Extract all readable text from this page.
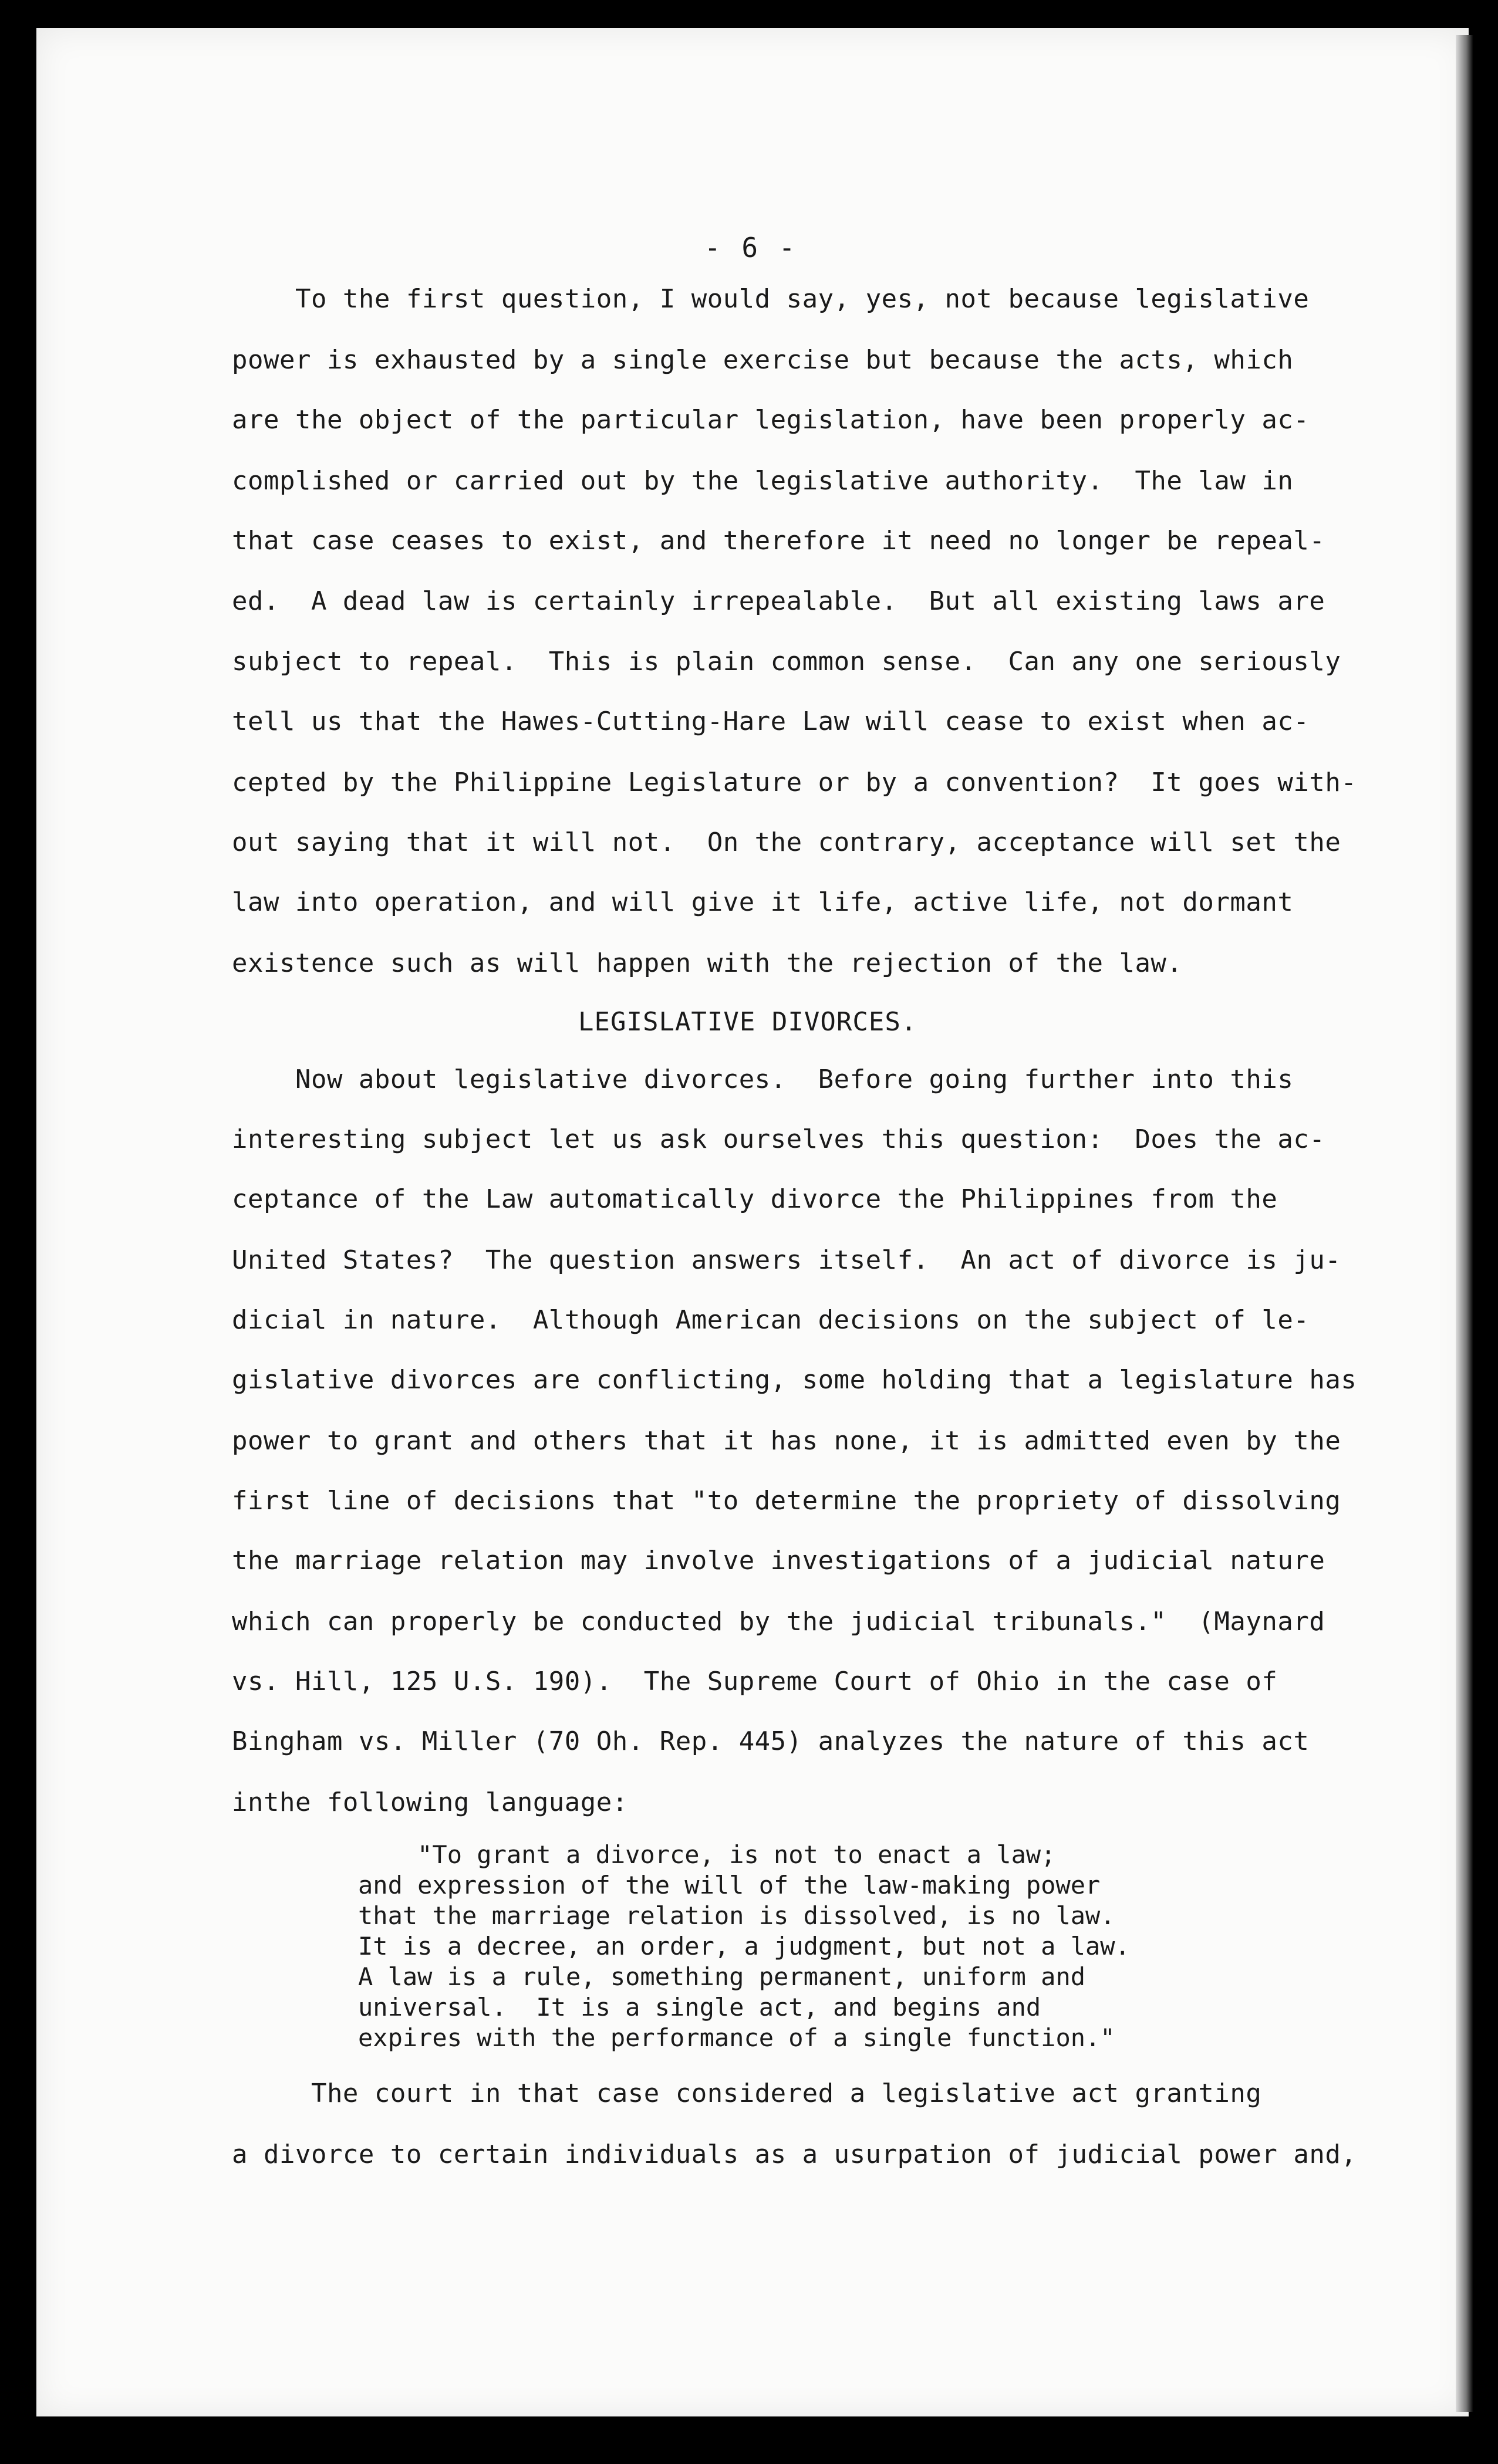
- 6 -
To the first question, I would say, yes, not because legislative
power is exhausted by a single exercise but because the acts, which
are the object of the particular legislation, have been properly ac-
complished or carried out by the legislative authority.  The law in
that case ceases to exist, and therefore it need no longer be repeal-
ed.  A dead law is certainly irrepealable.  But all existing laws are
subject to repeal.  This is plain common sense.  Can any one seriously
tell us that the Hawes-Cutting-Hare Law will cease to exist when ac-
cepted by the Philippine Legislature or by a convention?  It goes with-
out saying that it will not.  On the contrary, acceptance will set the
law into operation, and will give it life, active life, not dormant
existence such as will happen with the rejection of the law.
LEGISLATIVE DIVORCES.
Now about legislative divorces.  Before going further into this
interesting subject let us ask ourselves this question:  Does the ac-
ceptance of the Law automatically divorce the Philippines from the
United States?  The question answers itself.  An act of divorce is ju-
dicial in nature.  Although American decisions on the subject of le-
gislative divorces are conflicting, some holding that a legislature has
power to grant and others that it has none, it is admitted even by the
first line of decisions that "to determine the propriety of dissolving
the marriage relation may involve investigations of a judicial nature
which can properly be conducted by the judicial tribunals."  (Maynard
vs. Hill, 125 U.S. 190).  The Supreme Court of Ohio in the case of
Bingham vs. Miller (70 Oh. Rep. 445) analyzes the nature of this act
inthe following language:
"To grant a divorce, is not to enact a law;
and expression of the will of the law-making power
that the marriage relation is dissolved, is no law.
It is a decree, an order, a judgment, but not a law.
A law is a rule, something permanent, uniform and
universal.  It is a single act, and begins and
expires with the performance of a single function."
The court in that case considered a legislative act granting
a divorce to certain individuals as a usurpation of judicial power and,
